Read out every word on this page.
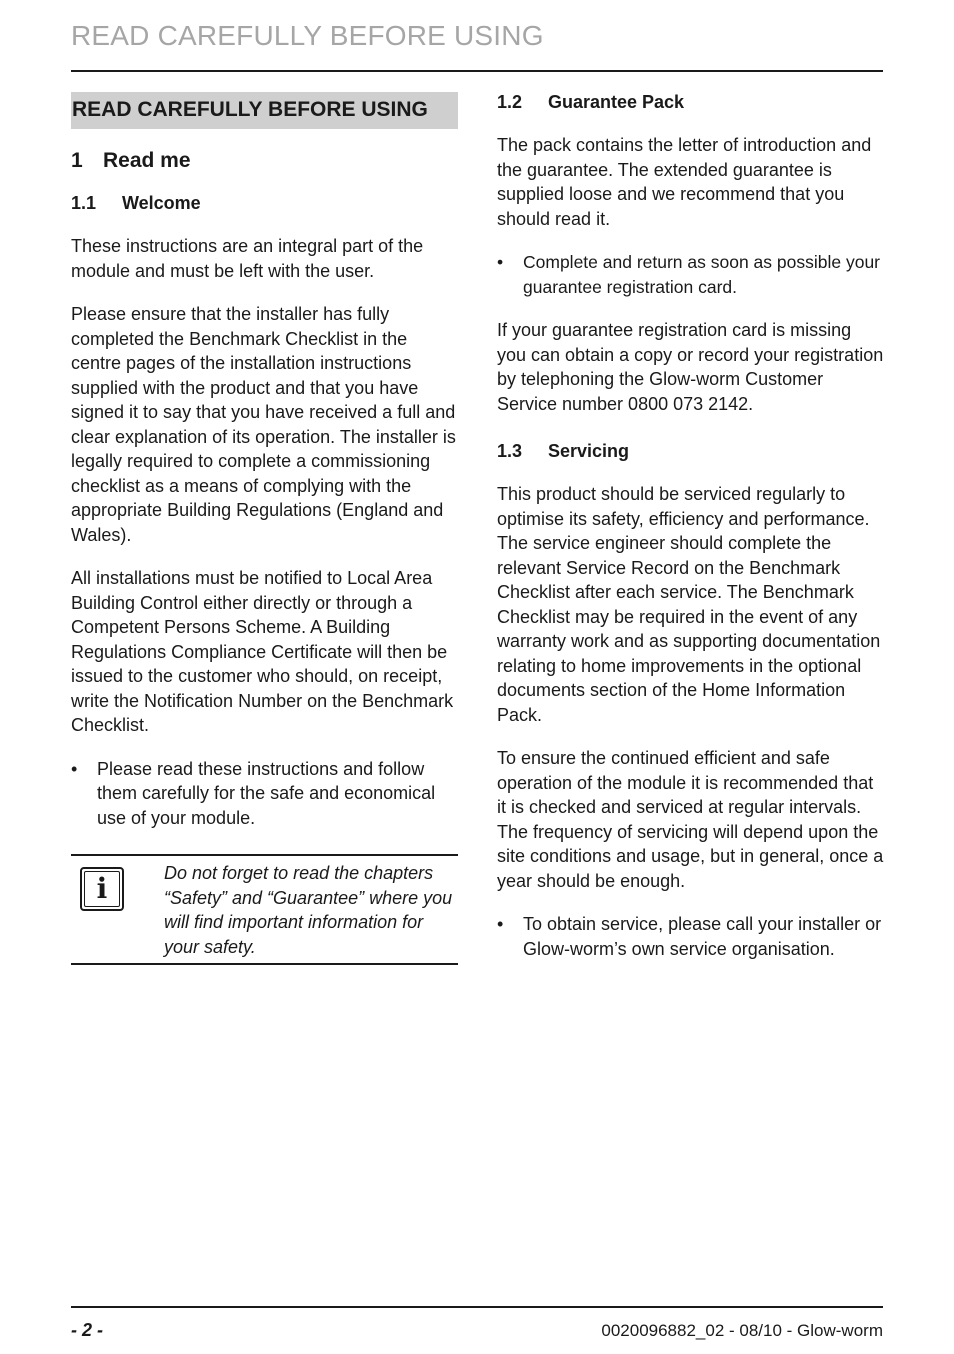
READ CAREFULLY BEFORE USING
READ CAREFULLY BEFORE USING
1 Read me
1.1	Welcome

These instructions are an integral part of the module and must be left with the user.

Please ensure that the installer has fully completed the Benchmark Checklist in the centre pages of the installation instructions supplied with the product and that you have signed it to say that you have received a full and clear explanation of its operation. The installer is legally required to complete a commissioning checklist as a means of complying with the appropriate Building Regulations (England and Wales).

All installations must be notified to Local Area Building Control either directly or through a Competent Persons Scheme. A Building Regulations Compliance Certificate will then be issued to the customer who should, on receipt, write the Notification Number on the Benchmark Checklist.

•	Please read these instructions and follow them carefully for the safe and economical use of your module.
i	Do not forget to read the chapters “Safety” and “Guarantee” where you will find important information for your safety.
1.2	Guarantee Pack

The pack contains the letter of introduction and the guarantee. The extended guarantee is supplied loose and we recommend that you should read it.

•	Complete and return as soon as possible your guarantee registration card.

If your guarantee registration card is missing you can obtain a copy or record your registration by telephoning the Glow-worm Customer Service number 0800 073 2142.

1.3	Servicing

This product should be serviced regularly to optimise its safety, efficiency and performance. The service engineer should complete the relevant Service Record on the Benchmark Checklist after each service. The Benchmark Checklist may be required in the event of any warranty work and as supporting documentation relating to home improvements in the optional documents section of the Home Information Pack.

To ensure the continued efficient and safe operation of the module it is recommended that it is checked and serviced at regular intervals. The frequency of servicing will depend upon the site conditions and usage, but in general, once a year should be enough.

•	To obtain service, please call your installer or Glow-worm’s own service organisation.
- 2 -	0020096882_02 - 08/10 - Glow-worm
